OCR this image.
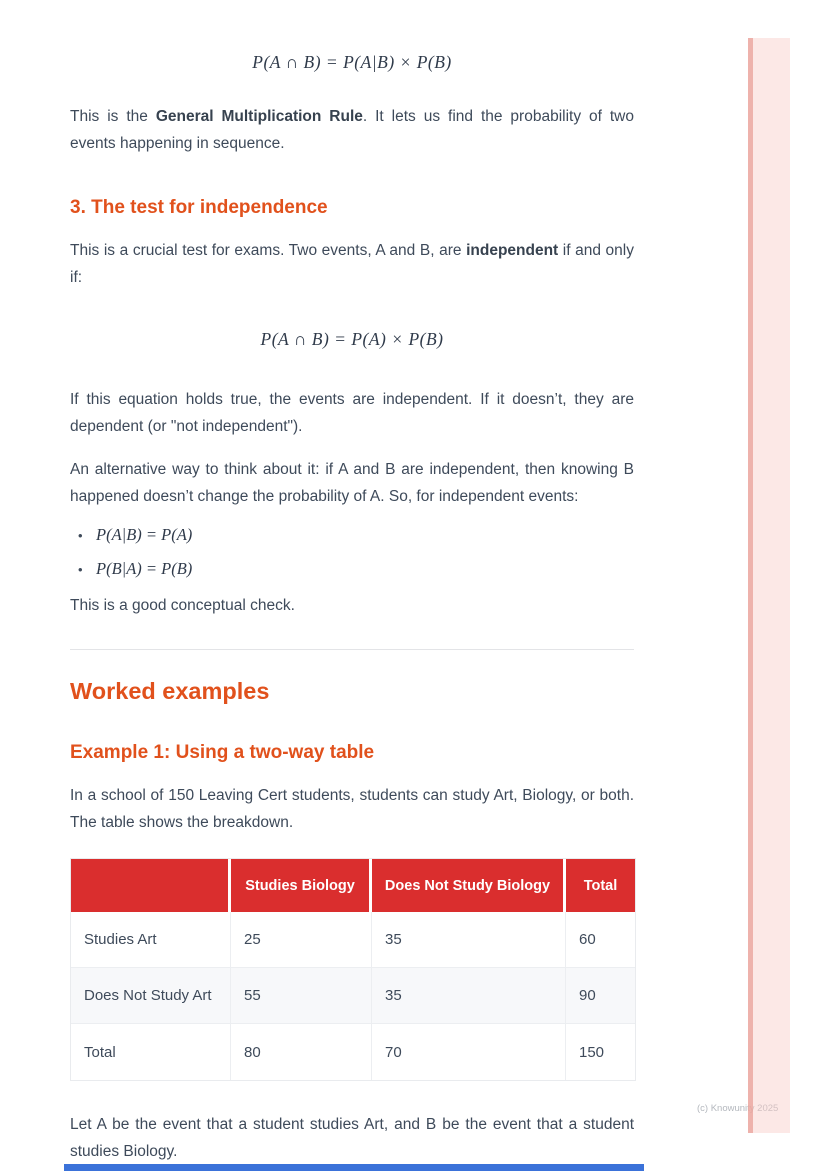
P(A ∩ B) = P(A|B) × P(B)

This is the General Multiplication Rule. It lets us find the probability of two events happening in sequence.

3. The test for independence

This is a crucial test for exams. Two events, A and B, are independent if and only if:

P(A ∩ B) = P(A) × P(B)

If this equation holds true, the events are independent. If it doesn’t, they are dependent (or "not independent").

An alternative way to think about it: if A and B are independent, then knowing B happened doesn’t change the probability of A. So, for independent events:

• P(A|B) = P(A)
• P(B|A) = P(B)

This is a good conceptual check.

Worked examples
Example 1: Using a two-way table

In a school of 150 Leaving Cert students, students can study Art, Biology, or both. The table shows the breakdown.

	Studies Biology	Does Not Study Biology	Total
Studies Art	25	35	60
Does Not Study Art	55	35	90
Total	80	70	150

Let A be the event that a student studies Art, and B be the event that a student studies Biology.

(c) Knowunity 2025
